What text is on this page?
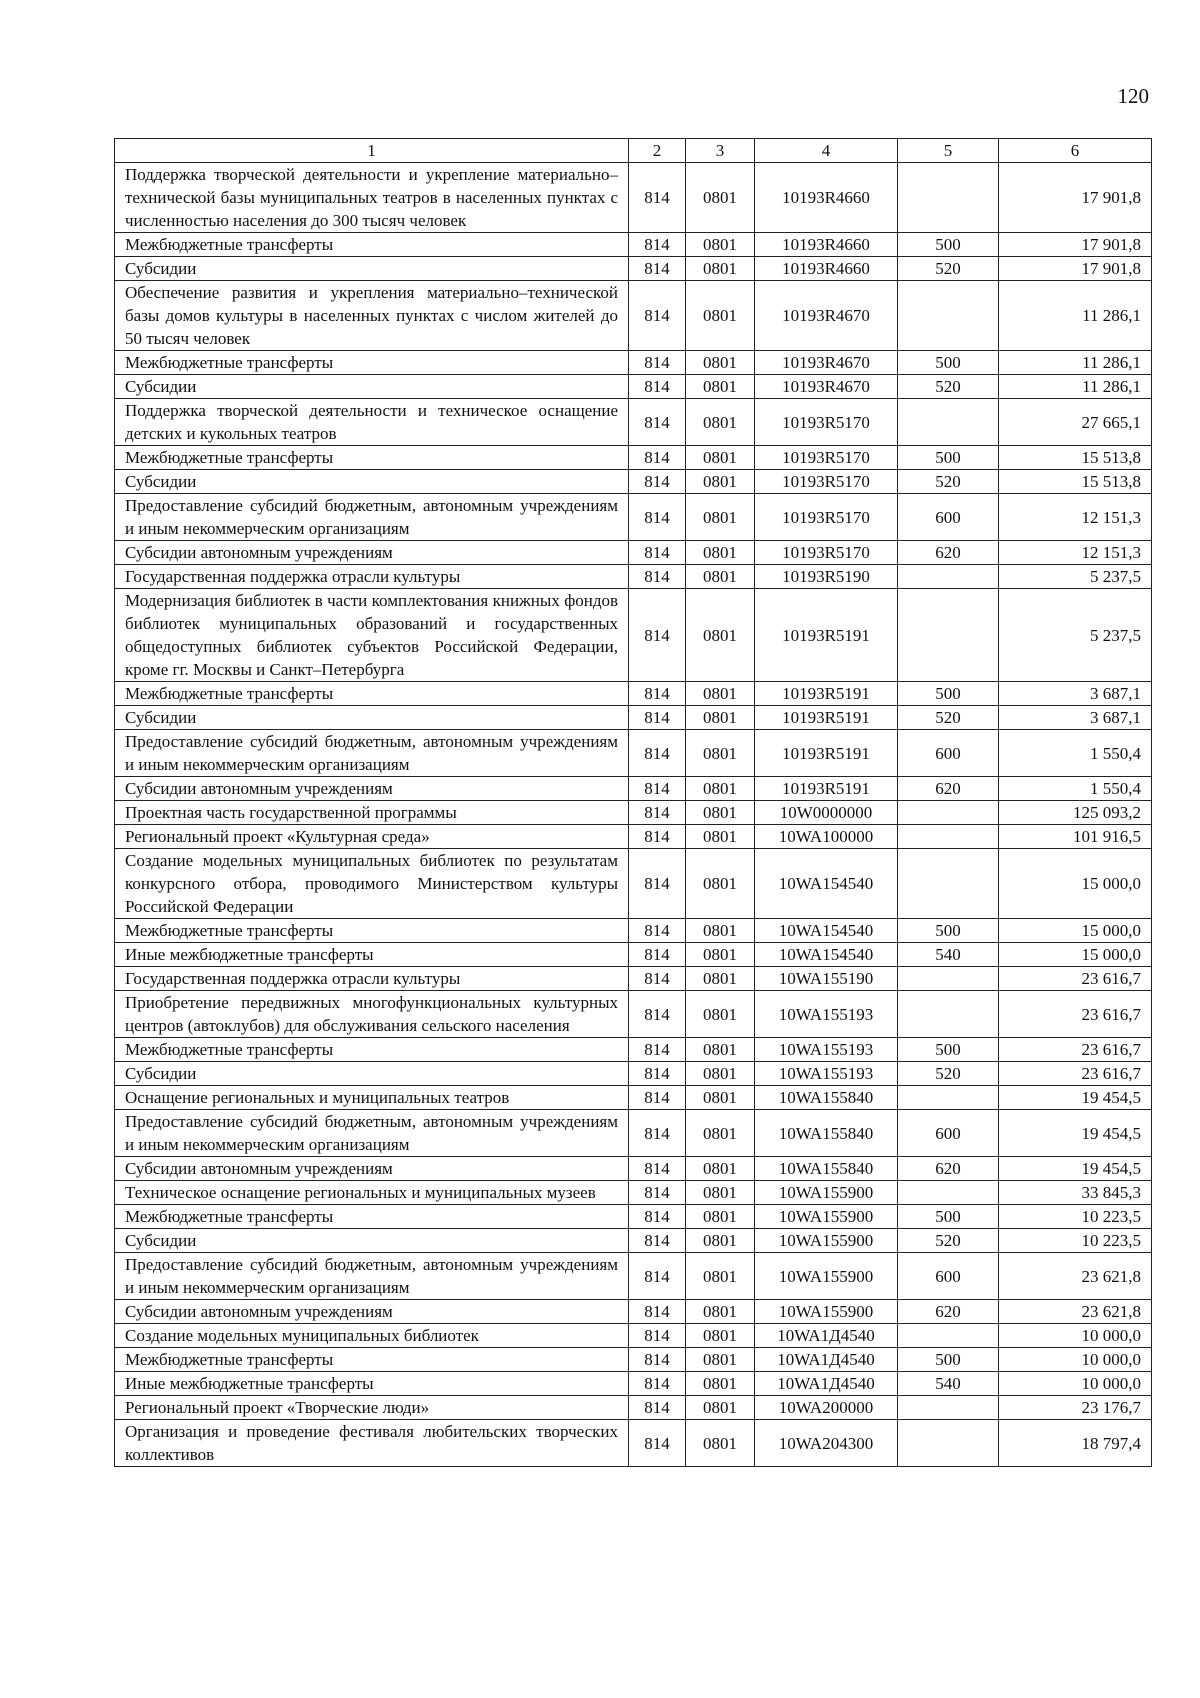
120
1	2	3	4	5	6
Поддержка творческой деятельности и укрепление материально–технической базы муниципальных театров в населенных пунктах с численностью населения до 300 тысяч человек	814	0801	10193R4660		17 901,8
Межбюджетные трансферты	814	0801	10193R4660	500	17 901,8
Субсидии	814	0801	10193R4660	520	17 901,8
Обеспечение развития и укрепления материально–технической базы домов культуры в населенных пунктах с числом жителей до 50 тысяч человек	814	0801	10193R4670		11 286,1
Межбюджетные трансферты	814	0801	10193R4670	500	11 286,1
Субсидии	814	0801	10193R4670	520	11 286,1
Поддержка творческой деятельности и техническое оснащение детских и кукольных театров	814	0801	10193R5170		27 665,1
Межбюджетные трансферты	814	0801	10193R5170	500	15 513,8
Субсидии	814	0801	10193R5170	520	15 513,8
Предоставление субсидий бюджетным, автономным учреждениям и иным некоммерческим организациям	814	0801	10193R5170	600	12 151,3
Субсидии автономным учреждениям	814	0801	10193R5170	620	12 151,3
Государственная поддержка отрасли культуры	814	0801	10193R5190		5 237,5
Модернизация библиотек в части комплектования книжных фондов библиотек муниципальных образований и государственных общедоступных библиотек субъектов Российской Федерации, кроме гг. Москвы и Санкт–Петербурга	814	0801	10193R5191		5 237,5
Межбюджетные трансферты	814	0801	10193R5191	500	3 687,1
Субсидии	814	0801	10193R5191	520	3 687,1
Предоставление субсидий бюджетным, автономным учреждениям и иным некоммерческим организациям	814	0801	10193R5191	600	1 550,4
Субсидии автономным учреждениям	814	0801	10193R5191	620	1 550,4
Проектная часть государственной программы	814	0801	10W0000000		125 093,2
Региональный проект «Культурная среда»	814	0801	10WA100000		101 916,5
Создание модельных муниципальных библиотек по результатам конкурсного отбора, проводимого Министерством культуры Российской Федерации	814	0801	10WA154540		15 000,0
Межбюджетные трансферты	814	0801	10WA154540	500	15 000,0
Иные межбюджетные трансферты	814	0801	10WA154540	540	15 000,0
Государственная поддержка отрасли культуры	814	0801	10WA155190		23 616,7
Приобретение передвижных многофункциональных культурных центров (автоклубов) для обслуживания сельского населения	814	0801	10WA155193		23 616,7
Межбюджетные трансферты	814	0801	10WA155193	500	23 616,7
Субсидии	814	0801	10WA155193	520	23 616,7
Оснащение региональных и муниципальных театров	814	0801	10WA155840		19 454,5
Предоставление субсидий бюджетным, автономным учреждениям и иным некоммерческим организациям	814	0801	10WA155840	600	19 454,5
Субсидии автономным учреждениям	814	0801	10WA155840	620	19 454,5
Техническое оснащение региональных и муниципальных музеев	814	0801	10WA155900		33 845,3
Межбюджетные трансферты	814	0801	10WA155900	500	10 223,5
Субсидии	814	0801	10WA155900	520	10 223,5
Предоставление субсидий бюджетным, автономным учреждениям и иным некоммерческим организациям	814	0801	10WA155900	600	23 621,8
Субсидии автономным учреждениям	814	0801	10WA155900	620	23 621,8
Создание модельных муниципальных библиотек	814	0801	10WA1Д4540		10 000,0
Межбюджетные трансферты	814	0801	10WA1Д4540	500	10 000,0
Иные межбюджетные трансферты	814	0801	10WA1Д4540	540	10 000,0
Региональный проект «Творческие люди»	814	0801	10WA200000		23 176,7
Организация и проведение фестиваля любительских творческих коллективов	814	0801	10WA204300		18 797,4
